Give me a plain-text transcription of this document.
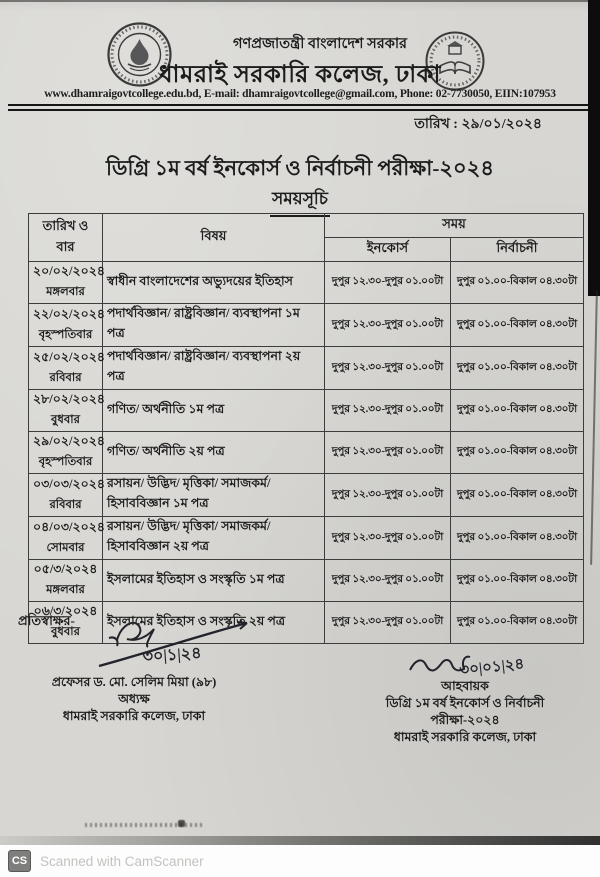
গণপ্রজাতন্ত্রী বাংলাদেশ সরকার
ধামরাই সরকারি কলেজ, ঢাকা
www.dhamraigovtcollege.edu.bd, E-mail: dhamraigovtcollege@gmail.com, Phone: 02-7730050, EIIN:107953
তারিখ : ২৯/০১/২০২৪
ডিগ্রি ১ম বর্ষ ইনকোর্স ও নির্বাচনী পরীক্ষা-২০২৪
সময়সূচি
তারিখ ও বার	বিষয়	সময়	
		ইনকোর্স	নির্বাচনী

২০/০২/২০২৪
মঙ্গলবার	স্বাধীন বাংলাদেশের অভ্যুদয়ের ইতিহাস	দুপুর ১২.৩০-দুপুর ০১.০০টা	দুপুর ০১.০০-বিকাল ০৪.৩০টা

২২/০২/২০২৪
বৃহস্পতিবার	পদার্থবিজ্ঞান/ রাষ্ট্রবিজ্ঞান/ ব্যবস্থাপনা ১ম পত্র	দুপুর ১২.৩০-দুপুর ০১.০০টা	দুপুর ০১.০০-বিকাল ০৪.৩০টা

২৫/০২/২০২৪
রবিবার	পদার্থবিজ্ঞান/ রাষ্ট্রবিজ্ঞান/ ব্যবস্থাপনা ২য় পত্র	দুপুর ১২.৩০-দুপুর ০১.০০টা	দুপুর ০১.০০-বিকাল ০৪.৩০টা

২৮/০২/২০২৪
বুধবার	গণিত/ অর্থনীতি ১ম পত্র	দুপুর ১২.৩০-দুপুর ০১.০০টা	দুপুর ০১.০০-বিকাল ০৪.৩০টা

২৯/০২/২০২৪
বৃহস্পতিবার	গণিত/ অর্থনীতি ২য় পত্র	দুপুর ১২.৩০-দুপুর ০১.০০টা	দুপুর ০১.০০-বিকাল ০৪.৩০টা

০৩/০৩/২০২৪
রবিবার	রসায়ন/ উদ্ভিদ/ মৃত্তিকা/ সমাজকর্ম/ হিসাববিজ্ঞান ১ম পত্র	দুপুর ১২.৩০-দুপুর ০১.০০টা	দুপুর ০১.০০-বিকাল ০৪.৩০টা

০৪/০৩/২০২৪
সোমবার	রসায়ন/ উদ্ভিদ/ মৃত্তিকা/ সমাজকর্ম/ হিসাববিজ্ঞান ২য় পত্র	দুপুর ১২.৩০-দুপুর ০১.০০টা	দুপুর ০১.০০-বিকাল ০৪.৩০টা

০৫/৩/২০২৪
মঙ্গলবার	ইসলামের ইতিহাস ও সংস্কৃতি ১ম পত্র	দুপুর ১২.৩০-দুপুর ০১.০০টা	দুপুর ০১.০০-বিকাল ০৪.৩০টা

০৬/৩/২০২৪
বুধবার	ইসলামের ইতিহাস ও সংস্কৃতি ২য় পত্র	দুপুর ১২.৩০-দুপুর ০১.০০টা	দুপুর ০১.০০-বিকাল ০৪.৩০টা
প্রতিস্বাক্ষর-
৩০|১|২৪
৩০|০১|২৪
প্রফেসর ড. মো. সেলিম মিয়া (৯৮)
অধ্যক্ষ
ধামরাই সরকারি কলেজ, ঢাকা
আহবায়ক
ডিগ্রি ১ম বর্ষ ইনকোর্স ও নির্বাচনী
পরীক্ষা-২০২৪
ধামরাই সরকারি কলেজ, ঢাকা
CS Scanned with CamScanner
